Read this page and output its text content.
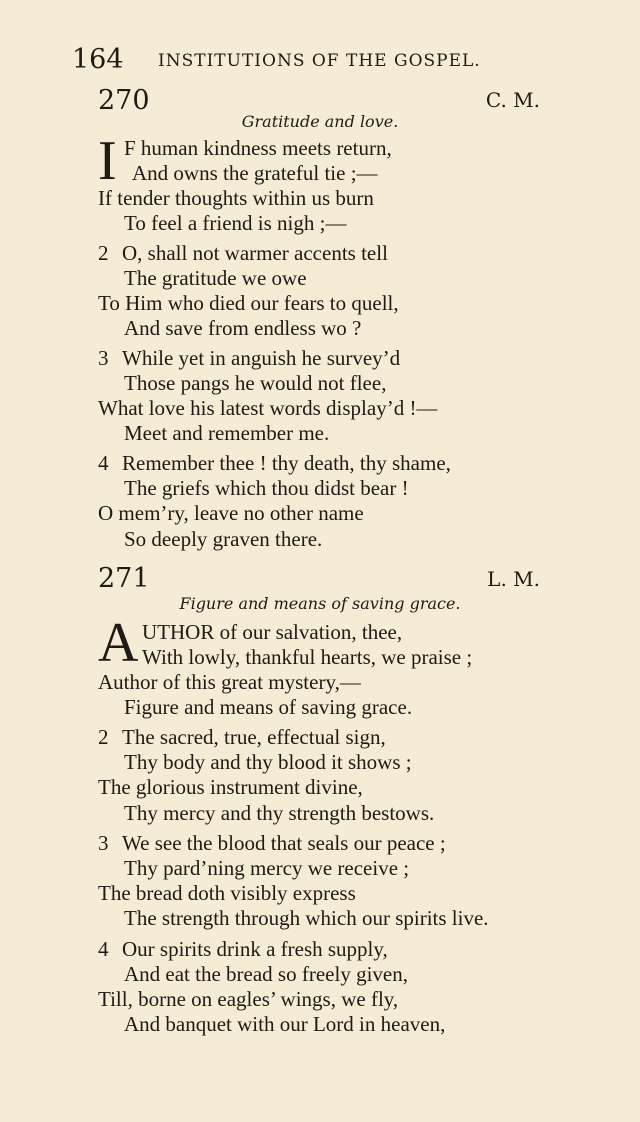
164 INSTITUTIONS OF THE GOSPEL.
270	C. M.
Gratitude and love.
I F human kindness meets return,
And owns the grateful tie ;—
If tender thoughts within us burn
To feel a friend is nigh ;—
2 O, shall not warmer accents tell
The gratitude we owe
To Him who died our fears to quell,
And save from endless wo ?
3 While yet in anguish he survey’d
Those pangs he would not flee,
What love his latest words display’d !—
Meet and remember me.
4 Remember thee ! thy death, thy shame,
The griefs which thou didst bear !
O mem’ry, leave no other name
So deeply graven there.
271	L. M.
Figure and means of saving grace.
A UTHOR of our salvation, thee,
With lowly, thankful hearts, we praise ;
Author of this great mystery,—
Figure and means of saving grace.
2 The sacred, true, effectual sign,
Thy body and thy blood it shows ;
The glorious instrument divine,
Thy mercy and thy strength bestows.
3 We see the blood that seals our peace ;
Thy pard’ning mercy we receive ;
The bread doth visibly express
The strength through which our spirits live.
4 Our spirits drink a fresh supply,
And eat the bread so freely given,
Till, borne on eagles’ wings, we fly,
And banquet with our Lord in heaven,
